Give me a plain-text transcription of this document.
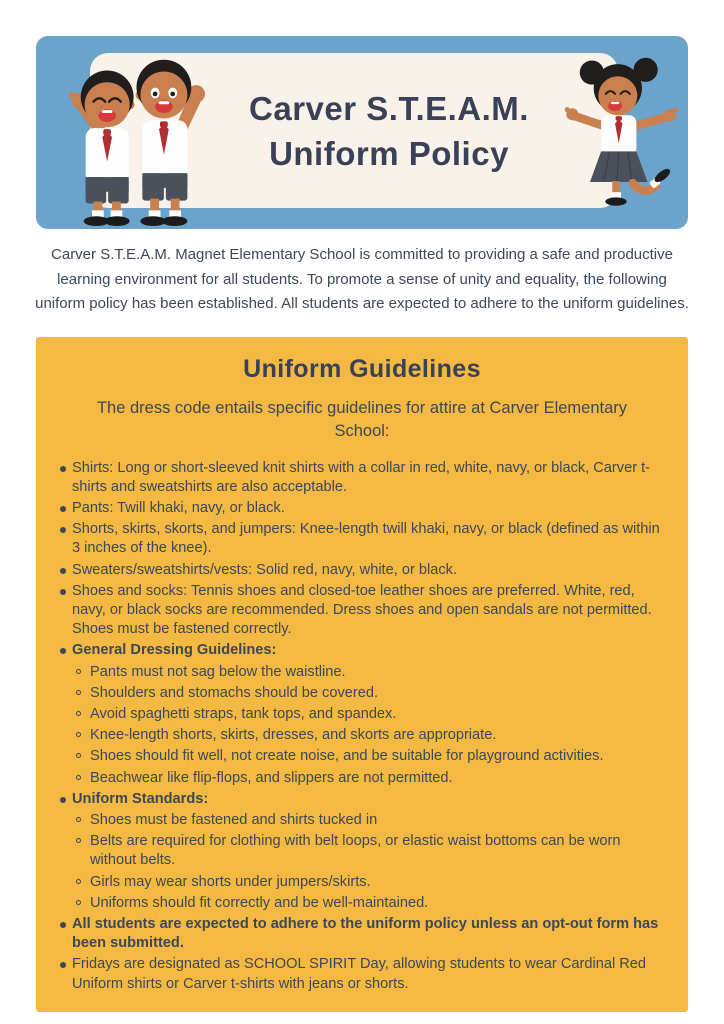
Carver S.T.E.A.M.
Uniform Policy

Carver S.T.E.A.M. Magnet Elementary School is committed to providing a safe and productive learning environment for all students. To promote a sense of unity and equality, the following uniform policy has been established. All students are expected to adhere to the uniform guidelines.

Uniform Guidelines
The dress code entails specific guidelines for attire at Carver Elementary School:
Shirts: Long or short-sleeved knit shirts with a collar in red, white, navy, or black, Carver t-shirts and sweatshirts are also acceptable.
Pants: Twill khaki, navy, or black.
Shorts, skirts, skorts, and jumpers: Knee-length twill khaki, navy, or black (defined as within 3 inches of the knee).
Sweaters/sweatshirts/vests: Solid red, navy, white, or black.
Shoes and socks: Tennis shoes and closed-toe leather shoes are preferred. White, red, navy, or black socks are recommended. Dress shoes and open sandals are not permitted. Shoes must be fastened correctly.
General Dressing Guidelines:
Pants must not sag below the waistline.
Shoulders and stomachs should be covered.
Avoid spaghetti straps, tank tops, and spandex.
Knee-length shorts, skirts, dresses, and skorts are appropriate.
Shoes should fit well, not create noise, and be suitable for playground activities.
Beachwear like flip-flops, and slippers are not permitted.
Uniform Standards:
Shoes must be fastened and shirts tucked in
Belts are required for clothing with belt loops, or elastic waist bottoms can be worn without belts.
Girls may wear shorts under jumpers/skirts.
Uniforms should fit correctly and be well-maintained.
All students are expected to adhere to the uniform policy unless an opt-out form has been submitted.
Fridays are designated as SCHOOL SPIRIT Day, allowing students to wear Cardinal Red Uniform shirts or Carver t-shirts with jeans or shorts.
